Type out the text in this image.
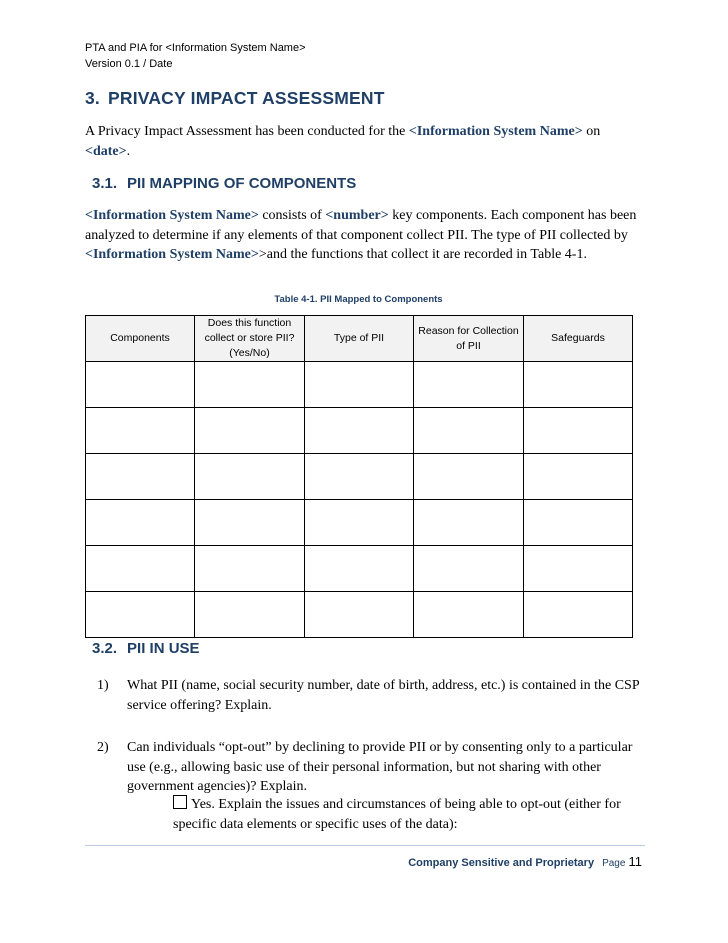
PTA and PIA for <Information System Name>
Version 0.1 / Date
3. PRIVACY IMPACT ASSESSMENT
A Privacy Impact Assessment has been conducted for the <Information System Name> on <date>.
3.1. PII MAPPING OF COMPONENTS
<Information System Name> consists of <number> key components. Each component has been analyzed to determine if any elements of that component collect PII. The type of PII collected by <Information System Name>>and the functions that collect it are recorded in Table 4-1.
Table 4-1. PII Mapped to Components
Components	Does this function collect or store PII? (Yes/No)	Type of PII	Reason for Collection of PII	Safeguards

3.2. PII IN USE
1) What PII (name, social security number, date of birth, address, etc.) is contained in the CSP service offering? Explain.
2) Can individuals “opt-out” by declining to provide PII or by consenting only to a particular use (e.g., allowing basic use of their personal information, but not sharing with other government agencies)? Explain.
Yes. Explain the issues and circumstances of being able to opt-out (either for specific data elements or specific uses of the data):
Company Sensitive and Proprietary Page 11
